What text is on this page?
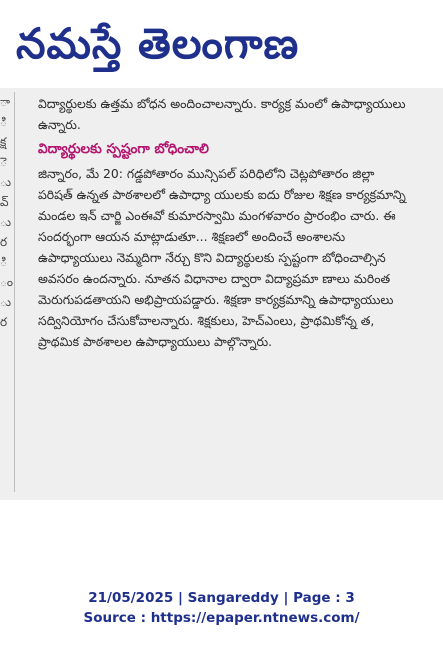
నమస్తే తెలంగాణ
ా
ి
క్ష
ె
ు
వ్
ు
ర
ి
ం
ు
ర

విద్యార్థులకు ఉత్తమ బోధన అందించాలన్నారు. కార్యక్ర మంలో ఉపాధ్యాయులు ఉన్నారు.

విద్యార్థులకు స్పష్టంగా బోధించాలి

జిన్నారం, మే 20: గడ్డపోతారం మున్సిపల్ పరిధిలోని చెట్లపోతారం జిల్లా పరిషత్ ఉన్నత పాఠశాలలో ఉపాధ్యా యులకు ఐదు రోజుల శిక్షణ కార్యక్రమాన్ని మండల ఇన్ చార్జి ఎంఈవో కుమారస్వామి మంగళవారం ప్రారంభిం చారు. ఈ సందర్భంగా ఆయన మాట్లాడుతూ... శిక్షణలో అందించే అంశాలను ఉపాధ్యాయులు నెమ్మదిగా నేర్చు కొని విద్యార్థులకు స్పష్టంగా బోధించాల్సిన అవసరం ఉందన్నారు. నూతన విధానాల ద్వారా విద్యాప్రమా ణాలు మరింత మెరుగుపడతాయని అభిప్రాయపడ్డారు. శిక్షణా కార్యక్రమాన్ని ఉపాధ్యాయులు సద్వినియోగం చేసుకోవాలన్నారు. శిక్షకులు, హెచ్ఎంలు, ప్రాథమికోన్న త, ప్రాథమిక పాఠశాలల ఉపాధ్యాయులు పాల్గొన్నారు.

21/05/2025 | Sangareddy | Page : 3
Source : https://epaper.ntnews.com/
